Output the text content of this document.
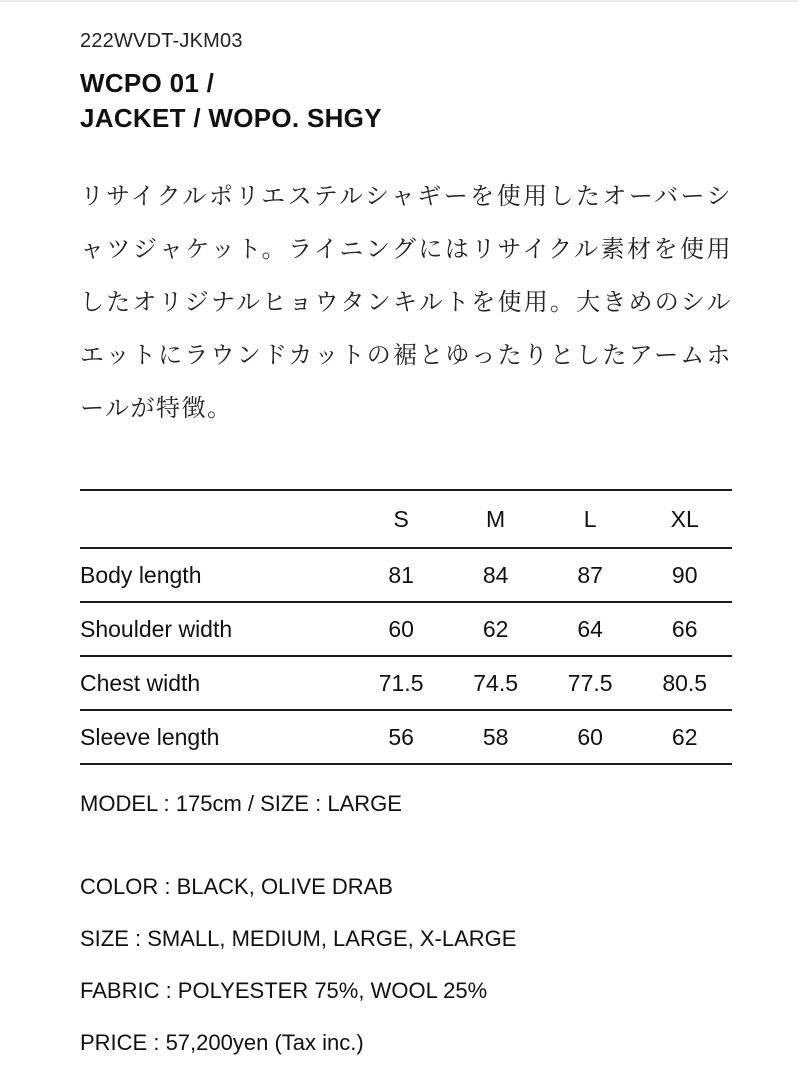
222WVDT-JKM03
WCPO 01 /
JACKET / WOPO. SHGY

リサイクルポリエステルシャギーを使用したオーバーシャツジャケット。ライニングにはリサイクル素材を使用したオリジナルヒョウタンキルトを使用。大きめのシルエットにラウンドカットの裾とゆったりとしたアームホールが特徴。

	S	M	L	XL
Body length	81	84	87	90
Shoulder width	60	62	64	66
Chest width	71.5	74.5	77.5	80.5
Sleeve length	56	58	60	62
MODEL : 175cm / SIZE : LARGE
COLOR : BLACK, OLIVE DRAB
SIZE : SMALL, MEDIUM, LARGE, X-LARGE
FABRIC : POLYESTER 75%, WOOL 25%
PRICE : 57,200yen (Tax inc.)
